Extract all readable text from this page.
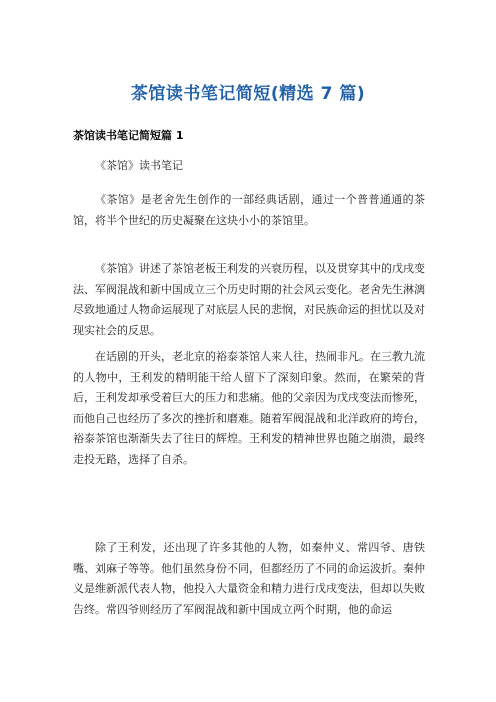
茶馆读书笔记简短(精选 7 篇)
茶馆读书笔记简短篇 1

《茶馆》读书笔记

《茶馆》是老舍先生创作的一部经典话剧，通过一个普普通通的茶馆，将半个世纪的历史凝聚在这块小小的茶馆里。

《茶馆》讲述了茶馆老板王利发的兴衰历程，以及贯穿其中的戊戌变法、军阀混战和新中国成立三个历史时期的社会风云变化。老舍先生淋漓尽致地通过人物命运展现了对底层人民的悲悯，对民族命运的担忧以及对现实社会的反思。

在话剧的开头，老北京的裕泰茶馆人来人往，热闹非凡。在三教九流的人物中，王利发的精明能干给人留下了深刻印象。然而，在繁荣的背后，王利发却承受着巨大的压力和悲痛。他的父亲因为戊戌变法而惨死，而他自己也经历了多次的挫折和磨难。随着军阀混战和北洋政府的垮台，裕泰茶馆也渐渐失去了往日的辉煌。王利发的精神世界也随之崩溃，最终走投无路，选择了自杀。

除了王利发，还出现了许多其他的人物，如秦仲义、常四爷、唐铁嘴、刘麻子等等。他们虽然身份不同，但都经历了不同的命运波折。秦仲义是维新派代表人物，他投入大量资金和精力进行戊戌变法，但却以失败告终。常四爷则经历了军阀混战和新中国成立两个时期，他的命运
